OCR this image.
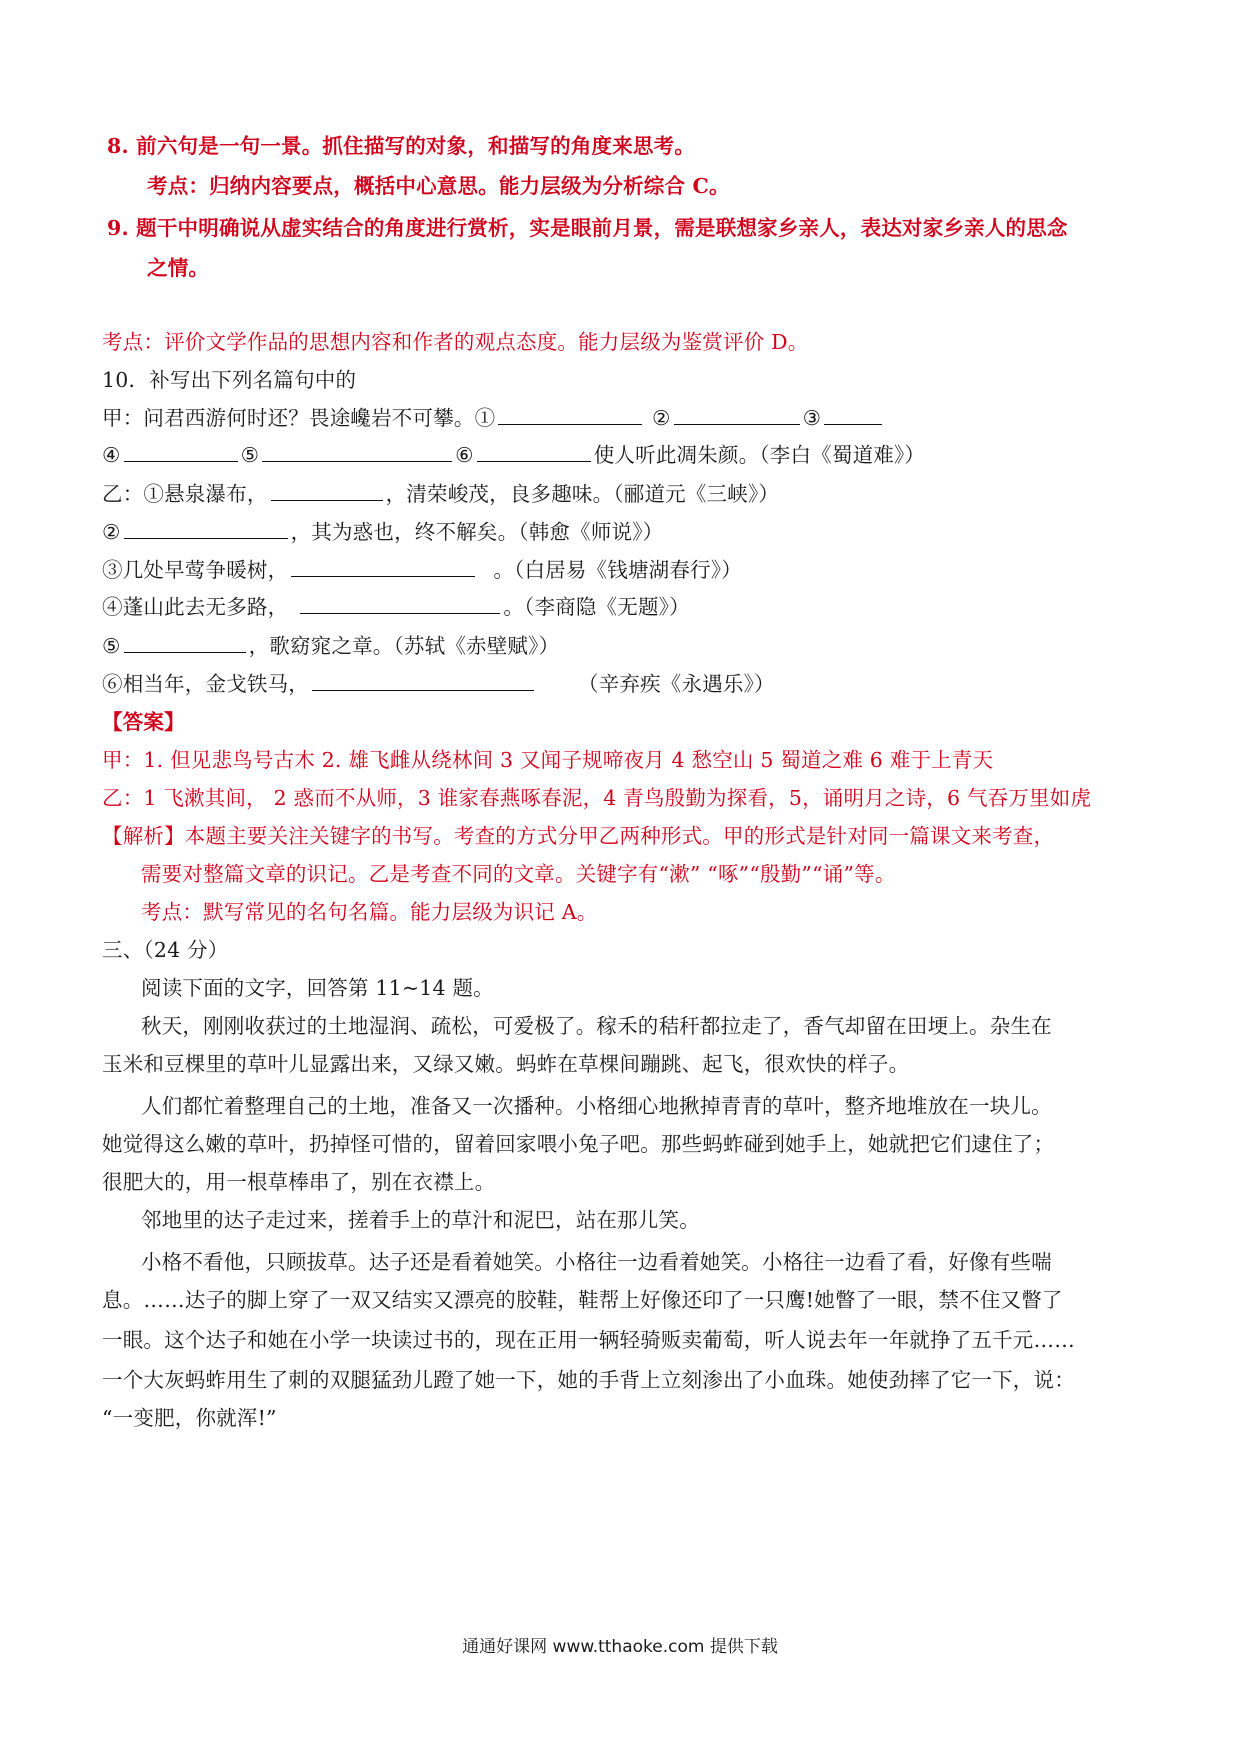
8. 前六句是一句一景。抓住描写的对象，和描写的角度来思考。
考点：归纳内容要点，概括中心意思。能力层级为分析综合 C。
9. 题干中明确说从虚实结合的角度进行赏析，实是眼前月景，需是联想家乡亲人，表达对家乡亲人的思念
之情。
考点：评价文学作品的思想内容和作者的观点态度。能力层级为鉴赏评价 D。
10．补写出下列名篇句中的
甲：问君西游何时还？畏途巉岩不可攀。①	②	③
④	⑤	⑥	使人听此凋朱颜。（李白《蜀道难》）
乙：①悬泉瀑布，	，清荣峻茂，良多趣味。（郦道元《三峡》）
②	，其为惑也，终不解矣。（韩愈《师说》）
③几处早莺争暖树，	。（白居易《钱塘湖春行》）
④蓬山此去无多路，	。（李商隐《无题》）
⑤	，歌窈窕之章。（苏轼《赤壁赋》）
⑥相当年，金戈铁马，	（辛弃疾《永遇乐》）
【答案】
甲：1. 但见悲鸟号古木 2. 雄飞雌从绕林间 3 又闻子规啼夜月 4 愁空山 5 蜀道之难 6 难于上青天
乙：1 飞漱其间， 2 惑而不从师，3 谁家春燕啄春泥，4 青鸟殷勤为探看，5，诵明月之诗，6 气吞万里如虎
【解析】本题主要关注关键字的书写。考查的方式分甲乙两种形式。甲的形式是针对同一篇课文来考查，
需要对整篇文章的识记。乙是考查不同的文章。关键字有“漱” “啄”“殷勤”“诵”等。
考点：默写常见的名句名篇。能力层级为识记 A。
三、（24 分）
阅读下面的文字，回答第 11~14 题。
秋天，刚刚收获过的土地湿润、疏松，可爱极了。稼禾的秸秆都拉走了，香气却留在田埂上。杂生在
玉米和豆棵里的草叶儿显露出来，又绿又嫩。蚂蚱在草棵间蹦跳、起飞，很欢快的样子。
人们都忙着整理自己的土地，准备又一次播种。小格细心地揪掉青青的草叶，整齐地堆放在一块儿。
她觉得这么嫩的草叶，扔掉怪可惜的，留着回家喂小兔子吧。那些蚂蚱碰到她手上，她就把它们逮住了；
很肥大的，用一根草棒串了，别在衣襟上。
邻地里的达子走过来，搓着手上的草汁和泥巴，站在那儿笑。
小格不看他，只顾拔草。达子还是看着她笑。小格往一边看着她笑。小格往一边看了看，好像有些喘
息。……达子的脚上穿了一双又结实又漂亮的胶鞋，鞋帮上好像还印了一只鹰!她瞥了一眼，禁不住又瞥了
一眼。这个达子和她在小学一块读过书的，现在正用一辆轻骑贩卖葡萄，听人说去年一年就挣了五千元……
一个大灰蚂蚱用生了刺的双腿猛劲儿蹬了她一下，她的手背上立刻渗出了小血珠。她使劲摔了它一下，说：
“一变肥，你就浑!”
通通好课网 www.tthaoke.com 提供下载
